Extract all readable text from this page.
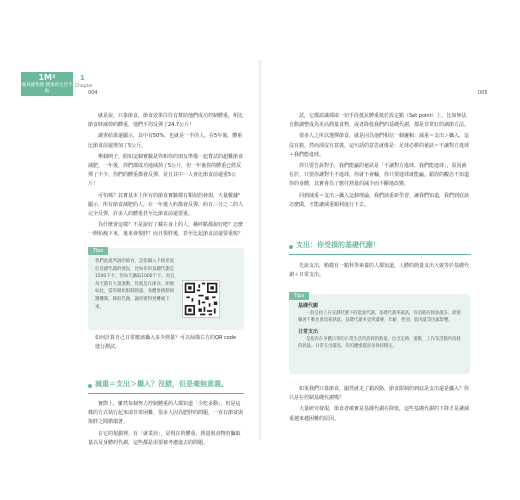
1M²
瘦身讓我變 健康新生活手帖
1
Chapter
004	005

就是說，只靠節食，節食效果往往有幫助他們成功控制體重，相比節食時減掉的體重，他們平均反彈了24.7公斤！

調查結果還顯示，其中有50%，也就是一半的人，在5年後，體重比節食前還增加了5公斤。

舉個例子，假如這個實驗是你和你的朋友準備一起嘗試的超難節食減肥。一年後，你們都成功地減掉了5公斤，但一年後你的體重已經反彈了不少，你們的體重都會反彈，並且其中一人會比節食前還重5公斤！

可怕嗎？其實基本上所有的節食實驗都有類似的發現，大量數據⁵顯示，所有節食減肥的人，在一年後大約都會反彈，約有三分之二的人完全反彈，許多人的體重甚至比節食前還要重。

為什麼會這樣？不是說好了藏在身上的人，稱呼點都說好吧？怎麼一開始瘦下來，後來會復胖？而且復胖後，甚至比起節食前還要重呢？

Tips
我們此處所說的節食，是指攝入卡路里低於基礎代謝的情況，比如你的基礎代謝是1500千卡，你每天攝取1000千卡，而且每天都有大量運動，你就是在節食。即便如此，當你開始限制熱量，身體會啟動保護機制，降低代謝，讓你變得更難瘦下來。
如何計算自己日常應該攝入多少熱量？可以掃描右方的QR code進行測試。
減重＝支出＞攝入？沒錯，但是毫無意義。

實際上，雖然每個努力控制體重的人都知道「少吃多動」，但是這樣的方式執行起來卻非常困難，很多人因為肥胖的問題，一直在節食與復胖之間循環著。

在它的規劃裡，有「就業誤」，是現在的體重，熱量與食物的攝取量以及身體的代謝，這些都是需要被考慮進去的問題。

試，它都認識採取一切手段抵抗體重低於設定點（Set point）上，比如無法自動調整成為更高熱量食物，或者降低我們的基礎代謝，都是非常好的調節方法。

很多人之所以選擇節食，就是因為他們相信一個邏輯：減重＝支出＞攝入，這沒有錯，然而卻沒有意義，這句話的意思就像是：足球必勝的祕訣＝不讓對方進球＋我們能進球。

你只要告訴對手，我們能贏的祕訣是「不讓對方進球，我們能進球」，原因就在於，只要你讓對手不進球，你就不會輸，你只要進球就能贏。錯誤的觀念不知道你的身體，其實會為了應付熱量的減少而不斷地改變。

回到減重＝支出＞攝入這個理論，我們該重新學習，讓我們知道，我們到底該怎麼做，才能讓減重順利進行下去。

支出：你受損的基礎代謝！

先說支出，稍微有一點科學素養的人都知道，人體的熱量支出大致等於基礎代謝＋日常支出。

Tips
基礎代謝
一般是指人在安靜狀態下的能量代謝，基礎代謝率越高，你消耗的熱量越多，即使躺著不動也會消耗熱量。基礎代謝率受到遺傳、年齡、性別、肌肉量等因素影響。
日常支出
是指你在身體日常的正常生活所消耗的熱量，包含走路、運動、工作等活動所消耗的熱量。日常支出越高，你的體重越容易保持穩定。

如果我們只靠節食，顯然就走了錯誤路，節食限制的到底是支出還是攝入？你只是在控制基礎代謝嗎？

大量研究發現，節食者確實是基礎代謝在降低，這些基礎代謝的下降才是讓減重越來越困難的原因。
